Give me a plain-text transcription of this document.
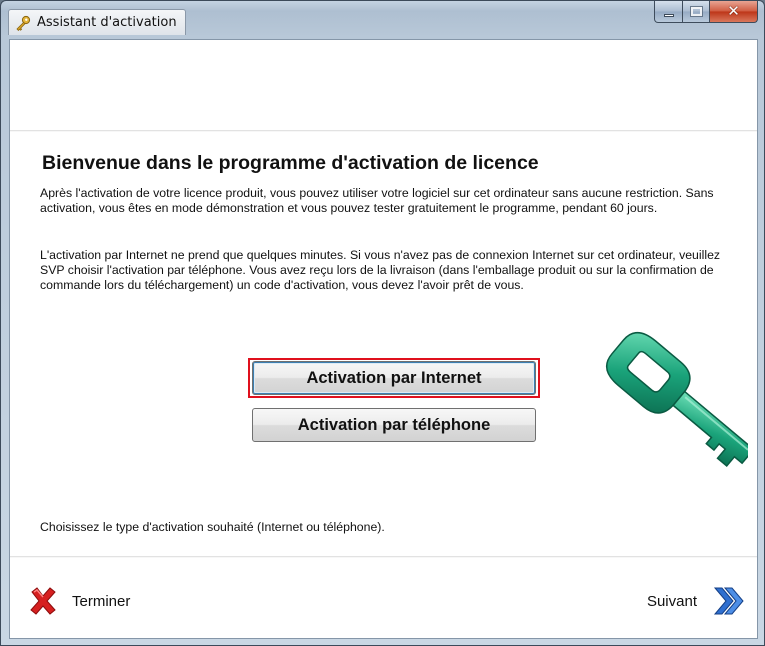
Assistant d'activation
✕
Bienvenue dans le programme d'activation de licence
Après l'activation de votre licence produit, vous pouvez utiliser votre logiciel sur cet ordinateur sans aucune restriction. Sans activation, vous êtes en mode démonstration et vous pouvez tester gratuitement le programme, pendant 60 jours.
L'activation par Internet ne prend que quelques minutes. Si vous n'avez pas de connexion Internet sur cet ordinateur, veuillez SVP choisir l'activation par téléphone. Vous avez reçu lors de la livraison (dans l'emballage produit ou sur la confirmation de commande lors du téléchargement) un code d'activation, vous devez l'avoir prêt de vous.
Activation par Internet
Activation par téléphone
Choisissez le type d'activation souhaité (Internet ou téléphone).
Terminer	Suivant
